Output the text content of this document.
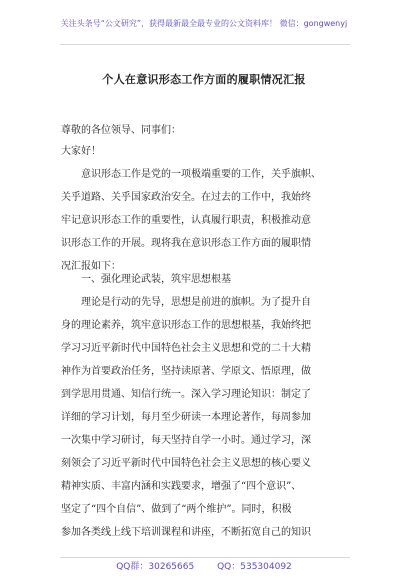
关注头条号“公文研究”，获得最新最全最专业的公文资料库！ 微信：gongwenyj
个人在意识形态工作方面的履职情况汇报
尊敬的各位领导、同事们：
大家好！
　　意识形态工作是党的一项极端重要的工作，关乎旗帜、
关乎道路、关乎国家政治安全。在过去的工作中，我始终
牢记意识形态工作的重要性，认真履行职责，积极推动意
识形态工作的开展。现将我在意识形态工作方面的履职情
况汇报如下：
　　一、强化理论武装，筑牢思想根基
　　理论是行动的先导，思想是前进的旗帜。为了提升自
身的理论素养，筑牢意识形态工作的思想根基，我始终把
学习习近平新时代中国特色社会主义思想和党的二十大精
神作为首要政治任务，坚持读原著、学原文、悟原理，做
到学思用贯通、知信行统一。深入学习理论知识：制定了
详细的学习计划，每月至少研读一本理论著作，每周参加
一次集中学习研讨，每天坚持自学一小时。通过学习，深
刻领会了习近平新时代中国特色社会主义思想的核心要义
精神实质、丰富内涵和实践要求，增强了“四个意识”、
坚定了“四个自信”、做到了“两个维护”。同时，积极
参加各类线上线下培训课程和讲座，不断拓宽自己的知识
QQ群：30265665	QQ：535304092
